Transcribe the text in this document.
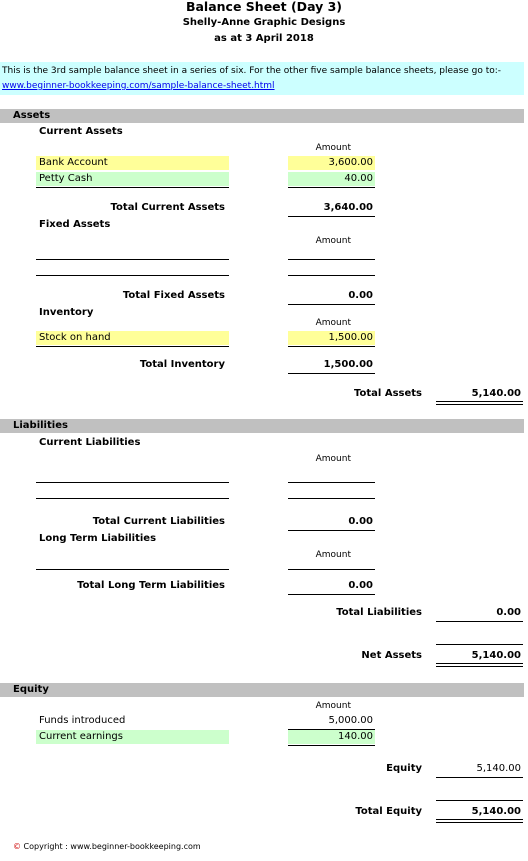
Balance Sheet (Day 3)
Shelly-Anne Graphic Designs
as at 3 April 2018
This is the 3rd sample balance sheet in a series of six. For the other five sample balance sheets, please go to:-
www.beginner-bookkeeping.com/sample-balance-sheet.html
Assets
Current Assets
Amount
Bank Account	3,600.00
Petty Cash	40.00
Total Current Assets	3,640.00
Fixed Assets
Amount
Total Fixed Assets	0.00
Inventory
Amount
Stock on hand	1,500.00
Total Inventory	1,500.00
Total Assets	5,140.00
Liabilities
Current Liabilities
Amount
Total Current Liabilities	0.00
Long Term Liabilities
Amount
Total Long Term Liabilities	0.00
Total Liabilities	0.00
Net Assets	5,140.00
Equity
Amount
Funds introduced	5,000.00
Current earnings	140.00
Equity	5,140.00
Total Equity	5,140.00
© Copyright : www.beginner-bookkeeping.com
